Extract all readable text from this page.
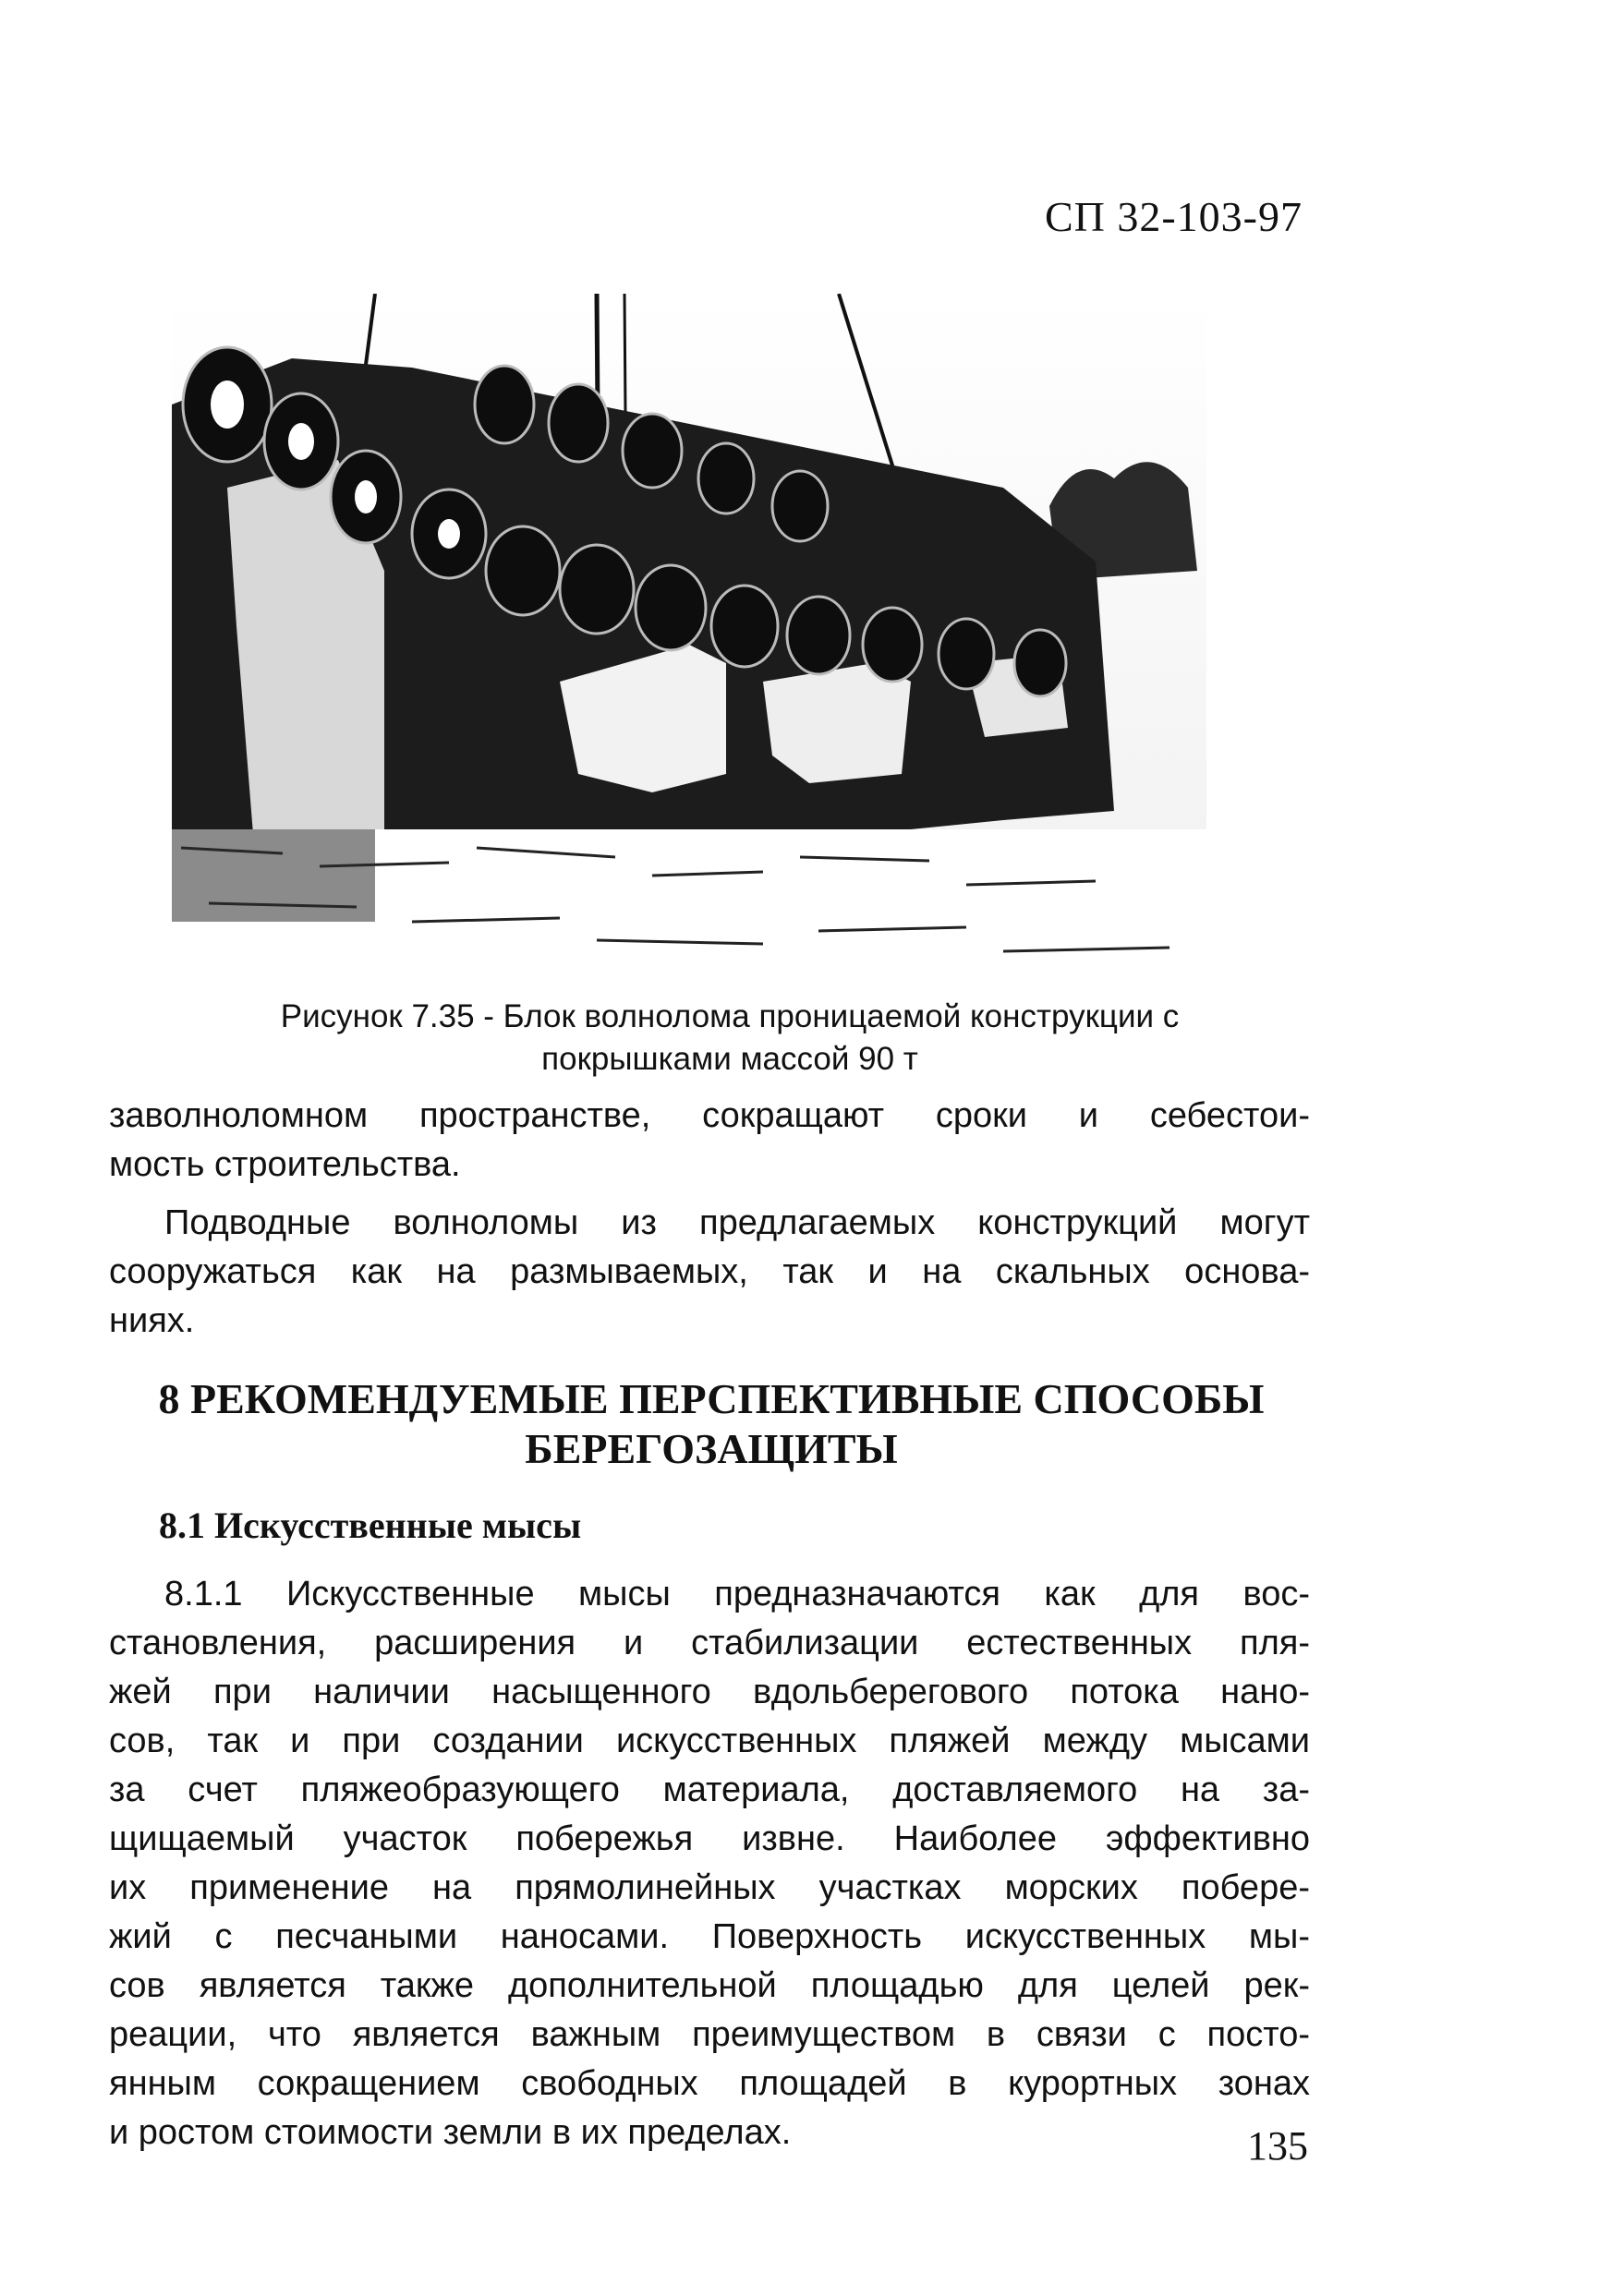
СП 32-103-97
Рисунок 7.35 - Блок волнолома проницаемой конструкции с
покрышками массой 90 т
заволноломном пространстве, сокращают сроки и себестои-
мость строительства.
Подводные волноломы из предлагаемых конструкций могут
сооружаться как на размываемых, так и на скальных основа-
ниях.
8 РЕКОМЕНДУЕМЫЕ ПЕРСПЕКТИВНЫЕ СПОСОБЫ
БЕРЕГОЗАЩИТЫ
8.1 Искусственные мысы
8.1.1 Искусственные мысы предназначаются как для вос-
становления, расширения и стабилизации естественных пля-
жей при наличии насыщенного вдольберегового потока нано-
сов, так и при создании искусственных пляжей между мысами
за счет пляжеобразующего материала, доставляемого на за-
щищаемый участок побережья извне. Наиболее эффективно
их применение на прямолинейных участках морских побере-
жий с песчаными наносами. Поверхность искусственных мы-
сов является также дополнительной площадью для целей рек-
реации, что является важным преимуществом в связи с посто-
янным сокращением свободных площадей в курортных зонах
и ростом стоимости земли в их пределах.	135
